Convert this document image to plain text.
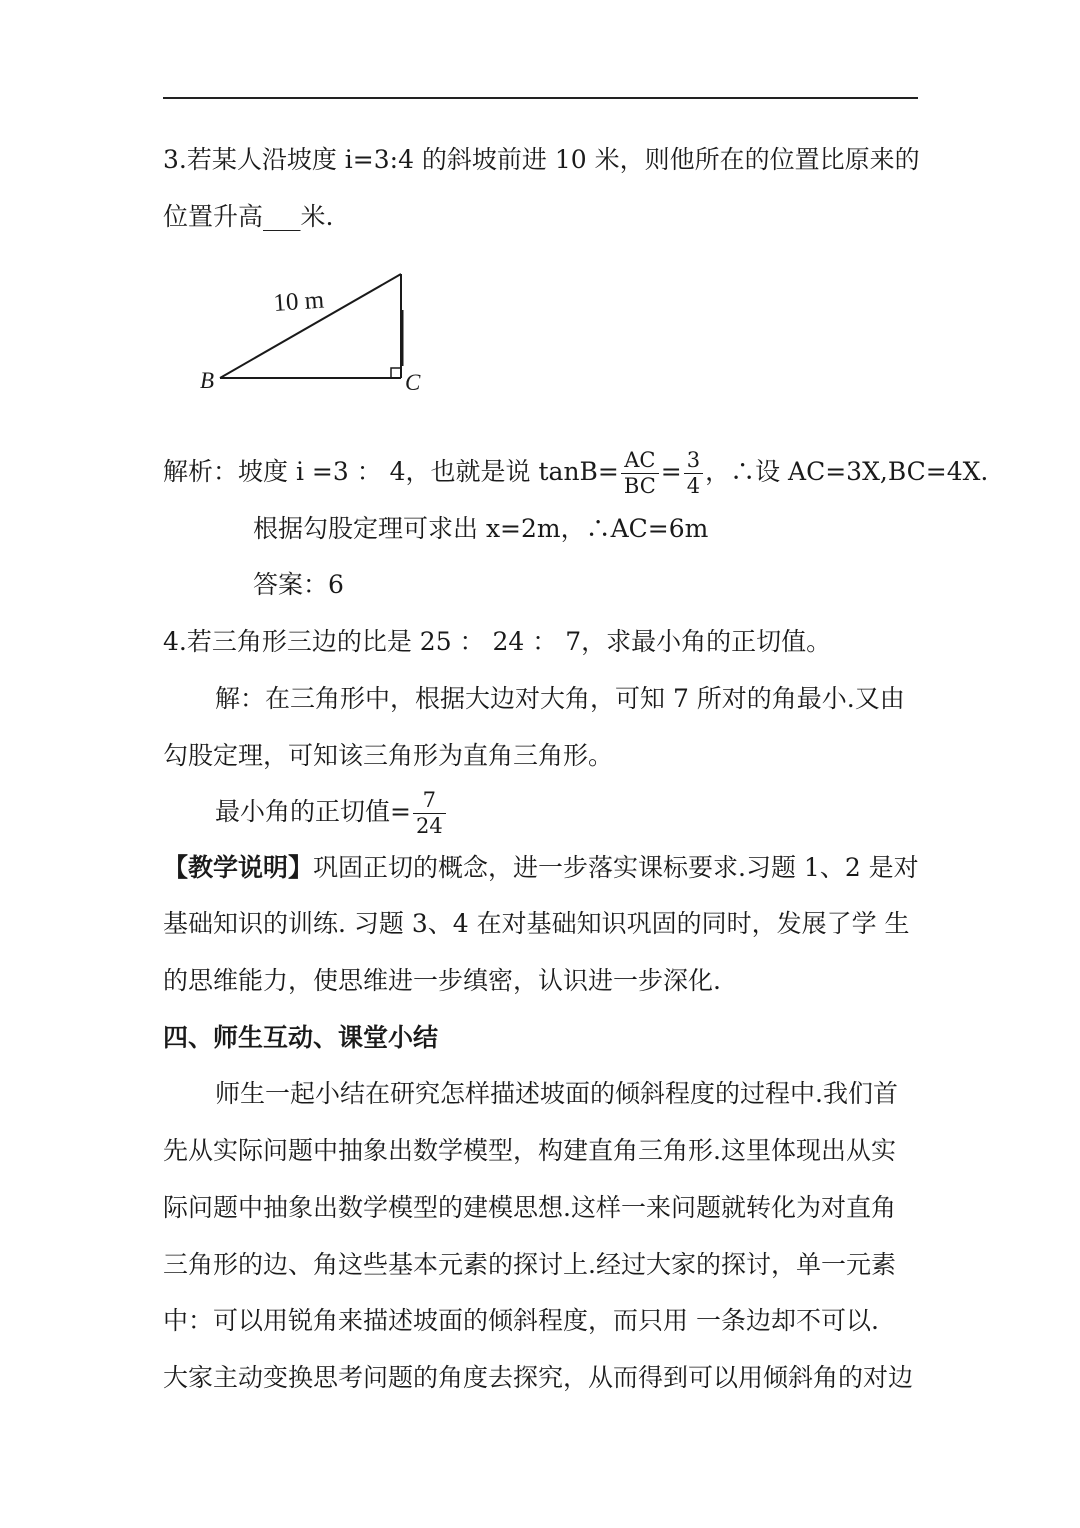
3.若某人沿坡度 i=3:4 的斜坡前进 10 米，则他所在的位置比原来的
位置升高___米.
10 m
B	C
解析：坡度 i =3 ： 4，也就是说 $\tan B= \frac{AC}{BC} = \frac{3}{4}$ ，∴设 AC=3X,BC=4X.
根据勾股定理可求出 x=2m，∴AC=6m
答案：6
4.若三角形三边的比是 25 ： 24 ： 7，求最小角的正切值。
解：在三角形中，根据大边对大角，可知 7 所对的角最小.又由
勾股定理，可知该三角形为直角三角形。
最小角的正切值= $\frac{7}{24}$
【教学说明】巩固正切的概念，进一步落实课标要求.习题 1、2 是对
基础知识的训练. 习题 3、4 在对基础知识巩固的同时，发展了学 生
的思维能力，使思维进一步缜密，认识进一步深化.
四、师生互动、课堂小结
师生一起小结在研究怎样描述坡面的倾斜程度的过程中.我们首
先从实际问题中抽象出数学模型，构建直角三角形.这里体现出从实
际问题中抽象出数学模型的建模思想.这样一来问题就转化为对直角
三角形的边、角这些基本元素的探讨上.经过大家的探讨，单一元素
中：可以用锐角来描述坡面的倾斜程度，而只用 一条边却不可以.
大家主动变换思考问题的角度去探究，从而得到可以用倾斜角的对边
